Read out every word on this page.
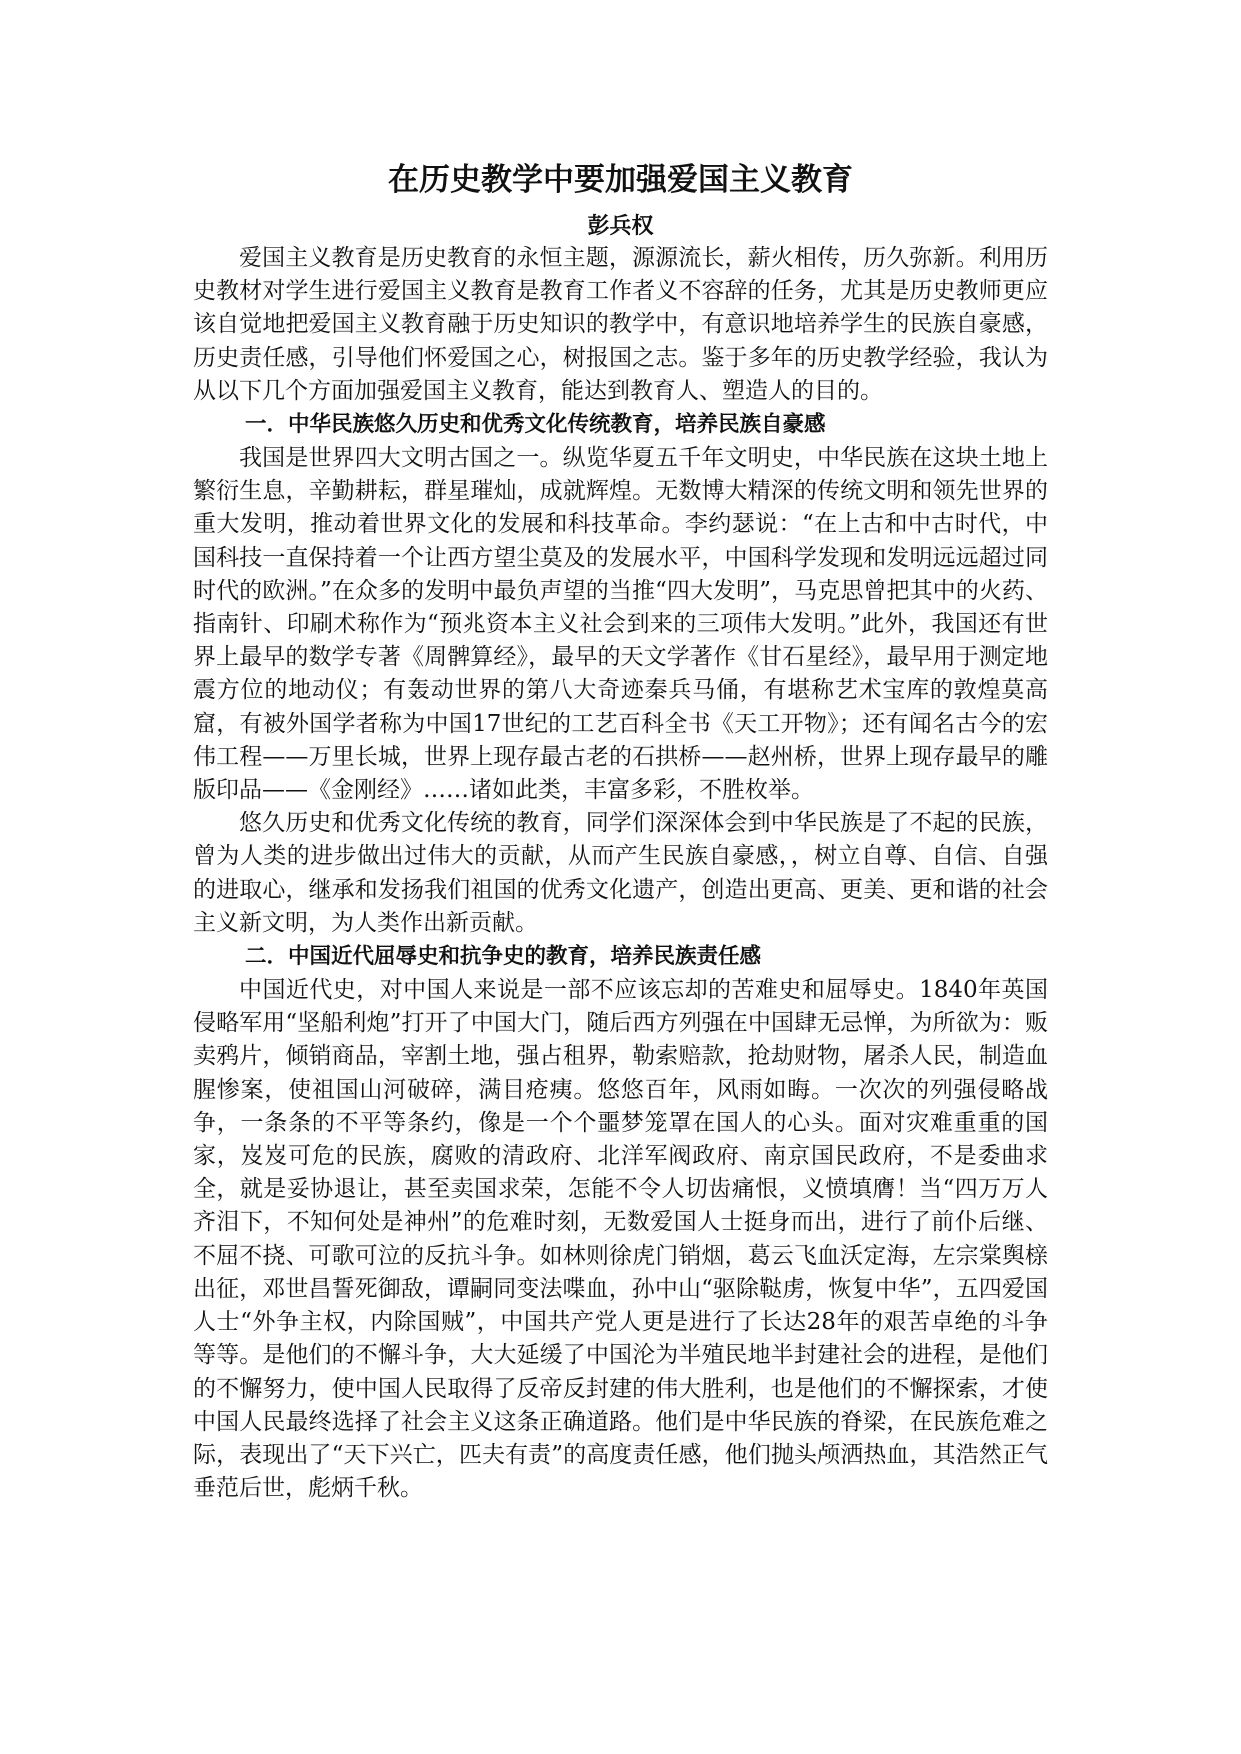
在历史教学中要加强爱国主义教育
彭兵权

爱国主义教育是历史教育的永恒主题，源源流长，薪火相传，历久弥新。利用历史教材对学生进行爱国主义教育是教育工作者义不容辞的任务，尤其是历史教师更应该自觉地把爱国主义教育融于历史知识的教学中，有意识地培养学生的民族自豪感，历史责任感，引导他们怀爱国之心，树报国之志。鉴于多年的历史教学经验，我认为从以下几个方面加强爱国主义教育，能达到教育人、塑造人的目的。

一．中华民族悠久历史和优秀文化传统教育，培养民族自豪感

我国是世界四大文明古国之一。纵览华夏五千年文明史，中华民族在这块土地上繁衍生息，辛勤耕耘，群星璀灿，成就辉煌。无数博大精深的传统文明和领先世界的重大发明，推动着世界文化的发展和科技革命。李约瑟说：“在上古和中古时代，中国科技一直保持着一个让西方望尘莫及的发展水平，中国科学发现和发明远远超过同时代的欧洲。”在众多的发明中最负声望的当推“四大发明”，马克思曾把其中的火药、指南针、印刷术称作为“预兆资本主义社会到来的三项伟大发明。”此外，我国还有世界上最早的数学专著《周髀算经》，最早的天文学著作《甘石星经》，最早用于测定地震方位的地动仪；有轰动世界的第八大奇迹秦兵马俑，有堪称艺术宝库的敦煌莫高窟，有被外国学者称为中国17世纪的工艺百科全书《天工开物》；还有闻名古今的宏伟工程——万里长城，世界上现存最古老的石拱桥——赵州桥，世界上现存最早的雕版印品——《金刚经》……诸如此类，丰富多彩，不胜枚举。

悠久历史和优秀文化传统的教育，同学们深深体会到中华民族是了不起的民族，曾为人类的进步做出过伟大的贡献，从而产生民族自豪感，，树立自尊、自信、自强的进取心，继承和发扬我们祖国的优秀文化遗产，创造出更高、更美、更和谐的社会主义新文明，为人类作出新贡献。

二．中国近代屈辱史和抗争史的教育，培养民族责任感

中国近代史，对中国人来说是一部不应该忘却的苦难史和屈辱史。1840年英国侵略军用“坚船利炮”打开了中国大门，随后西方列强在中国肆无忌惮，为所欲为：贩卖鸦片，倾销商品，宰割土地，强占租界，勒索赔款，抢劫财物，屠杀人民，制造血腥惨案，使祖国山河破碎，满目疮痍。悠悠百年，风雨如晦。一次次的列强侵略战争，一条条的不平等条约，像是一个个噩梦笼罩在国人的心头。面对灾难重重的国家，岌岌可危的民族，腐败的清政府、北洋军阀政府、南京国民政府，不是委曲求全，就是妥协退让，甚至卖国求荣，怎能不令人切齿痛恨，义愤填膺！当“四万万人齐泪下，不知何处是神州”的危难时刻，无数爱国人士挺身而出，进行了前仆后继、不屈不挠、可歌可泣的反抗斗争。如林则徐虎门销烟，葛云飞血沃定海，左宗棠舆榇出征，邓世昌誓死御敌，谭嗣同变法喋血，孙中山“驱除鞑虏，恢复中华”，五四爱国人士“外争主权，内除国贼”，中国共产党人更是进行了长达28年的艰苦卓绝的斗争等等。是他们的不懈斗争，大大延缓了中国沦为半殖民地半封建社会的进程，是他们的不懈努力，使中国人民取得了反帝反封建的伟大胜利，也是他们的不懈探索，才使中国人民最终选择了社会主义这条正确道路。他们是中华民族的脊梁，在民族危难之际，表现出了“天下兴亡，匹夫有责”的高度责任感，他们抛头颅洒热血，其浩然正气垂范后世，彪炳千秋。
